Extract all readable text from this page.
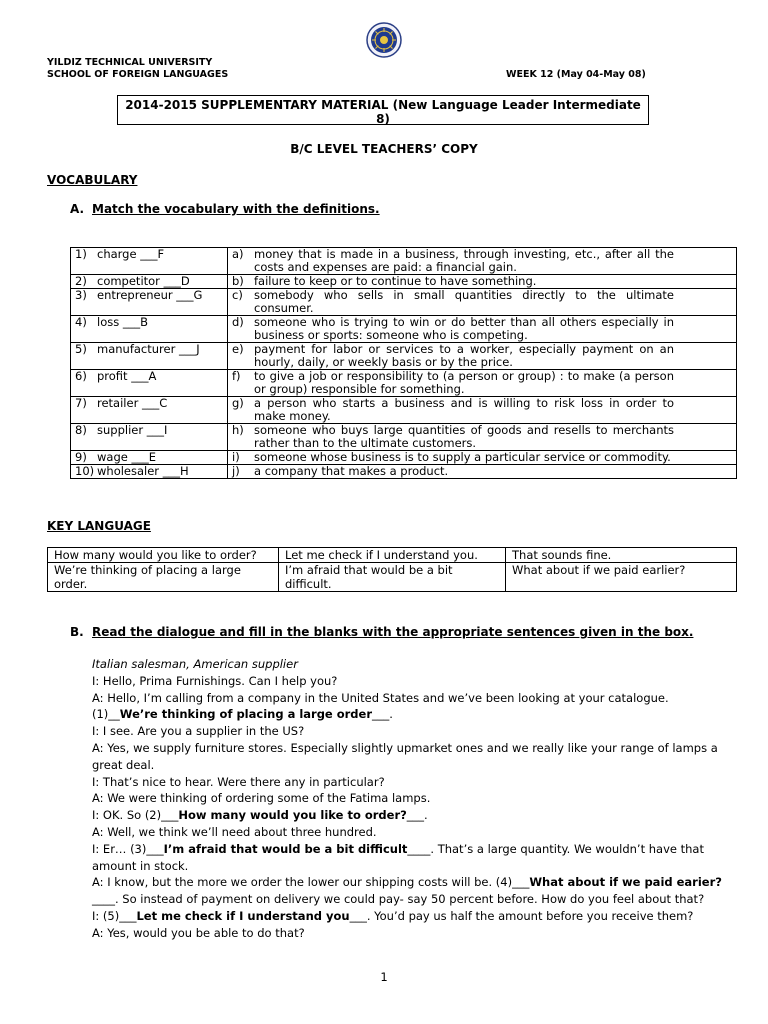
YILDIZ TECHNICAL UNIVERSITY
SCHOOL OF FOREIGN LANGUAGES	WEEK 12 (May 04-May 08)
2014-2015 SUPPLEMENTARY MATERIAL (New Language Leader Intermediate
8)
B/C LEVEL TEACHERS’ COPY
VOCABULARY
A. Match the vocabulary with the definitions.
1) charge ___F	a) money that is made in a business, through investing, etc., after all the costs and expenses are paid: a financial gain.
2) competitor ___D	b) failure to keep or to continue to have something.
3) entrepreneur ___G	c) somebody who sells in small quantities directly to the ultimate consumer.
4) loss ___B	d) someone who is trying to win or do better than all others especially in business or sports: someone who is competing.
5) manufacturer ___J	e) payment for labor or services to a worker, especially payment on an hourly, daily, or weekly basis or by the price.
6) profit ___A	f) to give a job or responsibility to (a person or group) : to make (a person or group) responsible for something.
7) retailer ___C	g) a person who starts a business and is willing to risk loss in order to make money.
8) supplier ___I	h) someone who buys large quantities of goods and resells to merchants rather than to the ultimate customers.
9) wage ___E	i) someone whose business is to supply a particular service or commodity.
10) wholesaler ___H	j) a company that makes a product.
KEY LANGUAGE
How many would you like to order?	Let me check if I understand you.	That sounds fine.
We’re thinking of placing a large order.	I’m afraid that would be a bit difficult.	What about if we paid earlier?
B. Read the dialogue and fill in the blanks with the appropriate sentences given in the box.

Italian salesman, American supplier

I: Hello, Prima Furnishings. Can I help you?

A: Hello, I’m calling from a company in the United States and we’ve been looking at your catalogue.

(1)__We’re thinking of placing a large order___.

I: I see. Are you a supplier in the US?

A: Yes, we supply furniture stores. Especially slightly upmarket ones and we really like your range of lamps a great deal.

I: That’s nice to hear. Were there any in particular?

A: We were thinking of ordering some of the Fatima lamps.

I: OK. So (2)___How many would you like to order?___.

A: Well, we think we’ll need about three hundred.

I: Er… (3)___I’m afraid that would be a bit difficult____. That’s a large quantity. We wouldn’t have that amount in stock.

A: I know, but the more we order the lower our shipping costs will be. (4)___What about if we paid earier?____. So instead of payment on delivery we could pay- say 50 percent before. How do you feel about that?

I: (5)___Let me check if I understand you___. You’d pay us half the amount before you receive them?

A: Yes, would you be able to do that?

1
